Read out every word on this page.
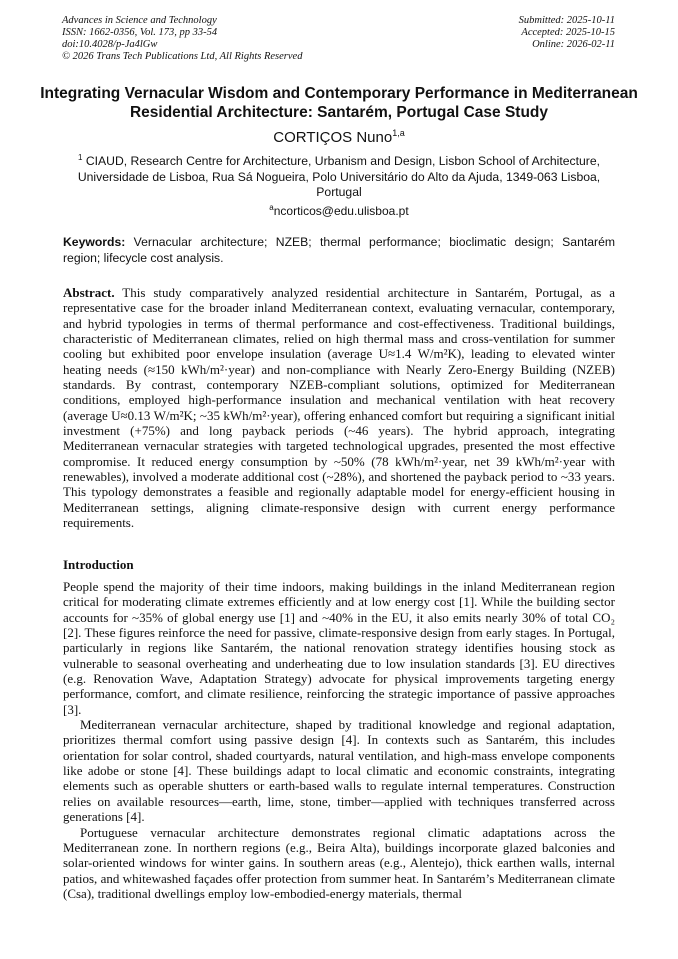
Advances in Science and Technology
ISSN: 1662-0356, Vol. 173, pp 33-54
doi:10.4028/p-Ja4lGw
© 2026 Trans Tech Publications Ltd, All Rights Reserved
Submitted: 2025-10-11
Accepted: 2025-10-15
Online: 2026-02-11
Integrating Vernacular Wisdom and Contemporary Performance in Mediterranean Residential Architecture: Santarém, Portugal Case Study
CORTIÇOS Nuno$^{1,a}$
$^1$ CIAUD, Research Centre for Architecture, Urbanism and Design, Lisbon School of Architecture, Universidade de Lisboa, Rua Sá Nogueira, Polo Universitário do Alto da Ajuda, 1349-063 Lisboa, Portugal
$^a$ncorticos@edu.ulisboa.pt
Keywords: Vernacular architecture; NZEB; thermal performance; bioclimatic design; Santarém region; lifecycle cost analysis.
Abstract. This study comparatively analyzed residential architecture in Santarém, Portugal, as a representative case for the broader inland Mediterranean context, evaluating vernacular, contemporary, and hybrid typologies in terms of thermal performance and cost-effectiveness. Traditional buildings, characteristic of Mediterranean climates, relied on high thermal mass and cross-ventilation for summer cooling but exhibited poor envelope insulation (average U≈1.4 W/m²K), leading to elevated winter heating needs (≈150 kWh/m²·year) and non-compliance with Nearly Zero-Energy Building (NZEB) standards. By contrast, contemporary NZEB-compliant solutions, optimized for Mediterranean conditions, employed high-performance insulation and mechanical ventilation with heat recovery (average U≈0.13 W/m²K; ~35 kWh/m²·year), offering enhanced comfort but requiring a significant initial investment (+75%) and long payback periods (~46 years). The hybrid approach, integrating Mediterranean vernacular strategies with targeted technological upgrades, presented the most effective compromise. It reduced energy consumption by ~50% (78 kWh/m²·year, net 39 kWh/m²·year with renewables), involved a moderate additional cost (~28%), and shortened the payback period to ~33 years. This typology demonstrates a feasible and regionally adaptable model for energy-efficient housing in Mediterranean settings, aligning climate-responsive design with current energy performance requirements.
Introduction

People spend the majority of their time indoors, making buildings in the inland Mediterranean region critical for moderating climate extremes efficiently and at low energy cost [1]. While the building sector accounts for ~35% of global energy use [1] and ~40% in the EU, it also emits nearly 30% of total CO₂ [2]. These figures reinforce the need for passive, climate-responsive design from early stages. In Portugal, particularly in regions like Santarém, the national renovation strategy identifies housing stock as vulnerable to seasonal overheating and underheating due to low insulation standards [3]. EU directives (e.g. Renovation Wave, Adaptation Strategy) advocate for physical improvements targeting energy performance, comfort, and climate resilience, reinforcing the strategic importance of passive approaches [3].

Mediterranean vernacular architecture, shaped by traditional knowledge and regional adaptation, prioritizes thermal comfort using passive design [4]. In contexts such as Santarém, this includes orientation for solar control, shaded courtyards, natural ventilation, and high-mass envelope components like adobe or stone [4]. These buildings adapt to local climatic and economic constraints, integrating elements such as operable shutters or earth-based walls to regulate internal temperatures. Construction relies on available resources—earth, lime, stone, timber—applied with techniques transferred across generations [4].

Portuguese vernacular architecture demonstrates regional climatic adaptations across the Mediterranean zone. In northern regions (e.g., Beira Alta), buildings incorporate glazed balconies and solar-oriented windows for winter gains. In southern areas (e.g., Alentejo), thick earthen walls, internal patios, and whitewashed façades offer protection from summer heat. In Santarém’s Mediterranean climate (Csa), traditional dwellings employ low-embodied-energy materials, thermal
